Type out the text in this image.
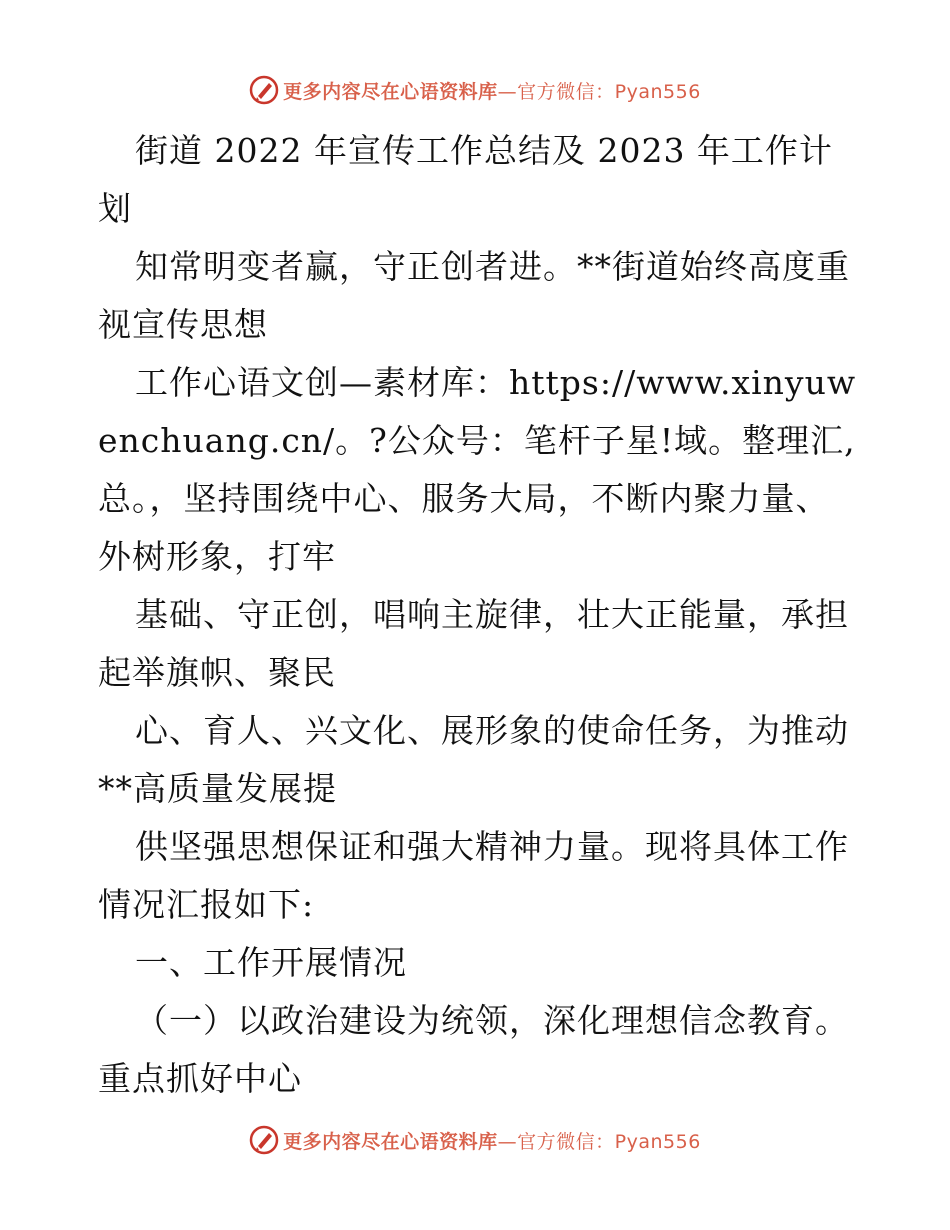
更多内容尽在心语资料库—官方微信：Pyan556

街道 2022 年宣传工作总结及 2023 年工作计划

知常明变者赢，守正创者进。**街道始终高度重视宣传思想

工作心语文创—素材库：https://www.xinyuwenchuang.cn/。?公众号：笔杆子星!域。整理汇,总。，坚持围绕中心、服务大局，不断内聚力量、外树形象，打牢

基础、守正创，唱响主旋律，壮大正能量，承担起举旗帜、聚民

心、育人、兴文化、展形象的使命任务，为推动**高质量发展提

供坚强思想保证和强大精神力量。现将具体工作情况汇报如下:

一、工作开展情况

（一）以政治建设为统领，深化理想信念教育。重点抓好中心

更多内容尽在心语资料库—官方微信：Pyan556
